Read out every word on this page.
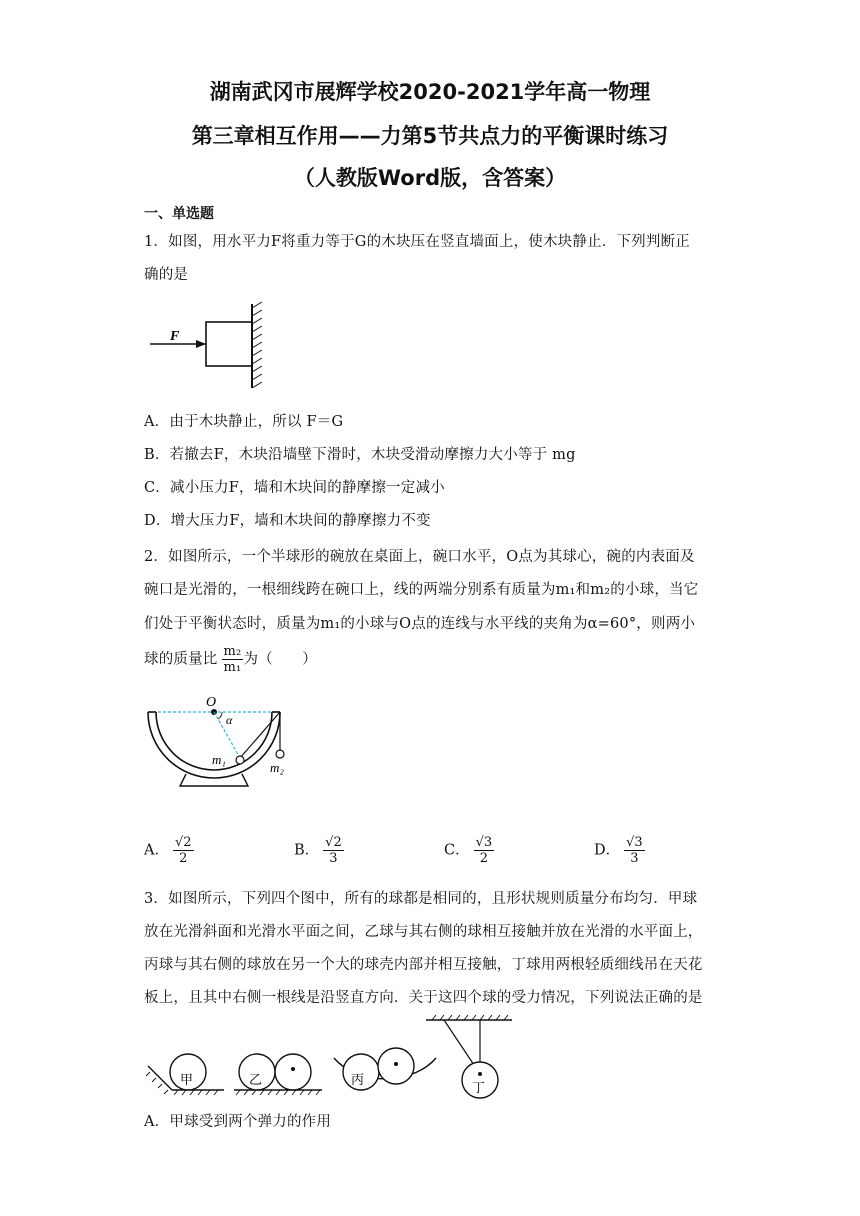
湖南武冈市展辉学校2020-2021学年高一物理
第三章相互作用——力第5节共点力的平衡课时练习
（人教版Word版，含答案）
一、单选题
1．如图，用水平力F将重力等于G的木块压在竖直墙面上，使木块静止．下列判断正
确的是
F
A．由于木块静止，所以 F＝G
B．若撤去F，木块沿墙壁下滑时，木块受滑动摩擦力大小等于 mg
C．减小压力F，墙和木块间的静摩擦一定减小
D．增大压力F，墙和木块间的静摩擦力不变
2．如图所示，一个半球形的碗放在桌面上，碗口水平，O点为其球心，碗的内表面及
碗口是光滑的，一根细线跨在碗口上，线的两端分别系有质量为m₁和m₂的小球，当它
们处于平衡状态时，质量为m₁的小球与O点的连线与水平线的夹角为α=60°，则两小
球的质量比 $\frac{\text{m₂}}{\text{m₁}}$ 为（　　）
O
α
m₁
m₂
A． $\frac{√2}{2}$	B． $\frac{√2}{3}$	C． $\frac{√3}{2}$	D． $\frac{√3}{3}$
3．如图所示，下列四个图中，所有的球都是相同的，且形状规则质量分布均匀．甲球
放在光滑斜面和光滑水平面之间，乙球与其右侧的球相互接触并放在光滑的水平面上，
丙球与其右侧的球放在另一个大的球壳内部并相互接触，丁球用两根轻质细线吊在天花
板上，且其中右侧一根线是沿竖直方向．关于这四个球的受力情况，下列说法正确的是
甲	乙	丙
丁
A．甲球受到两个弹力的作用
